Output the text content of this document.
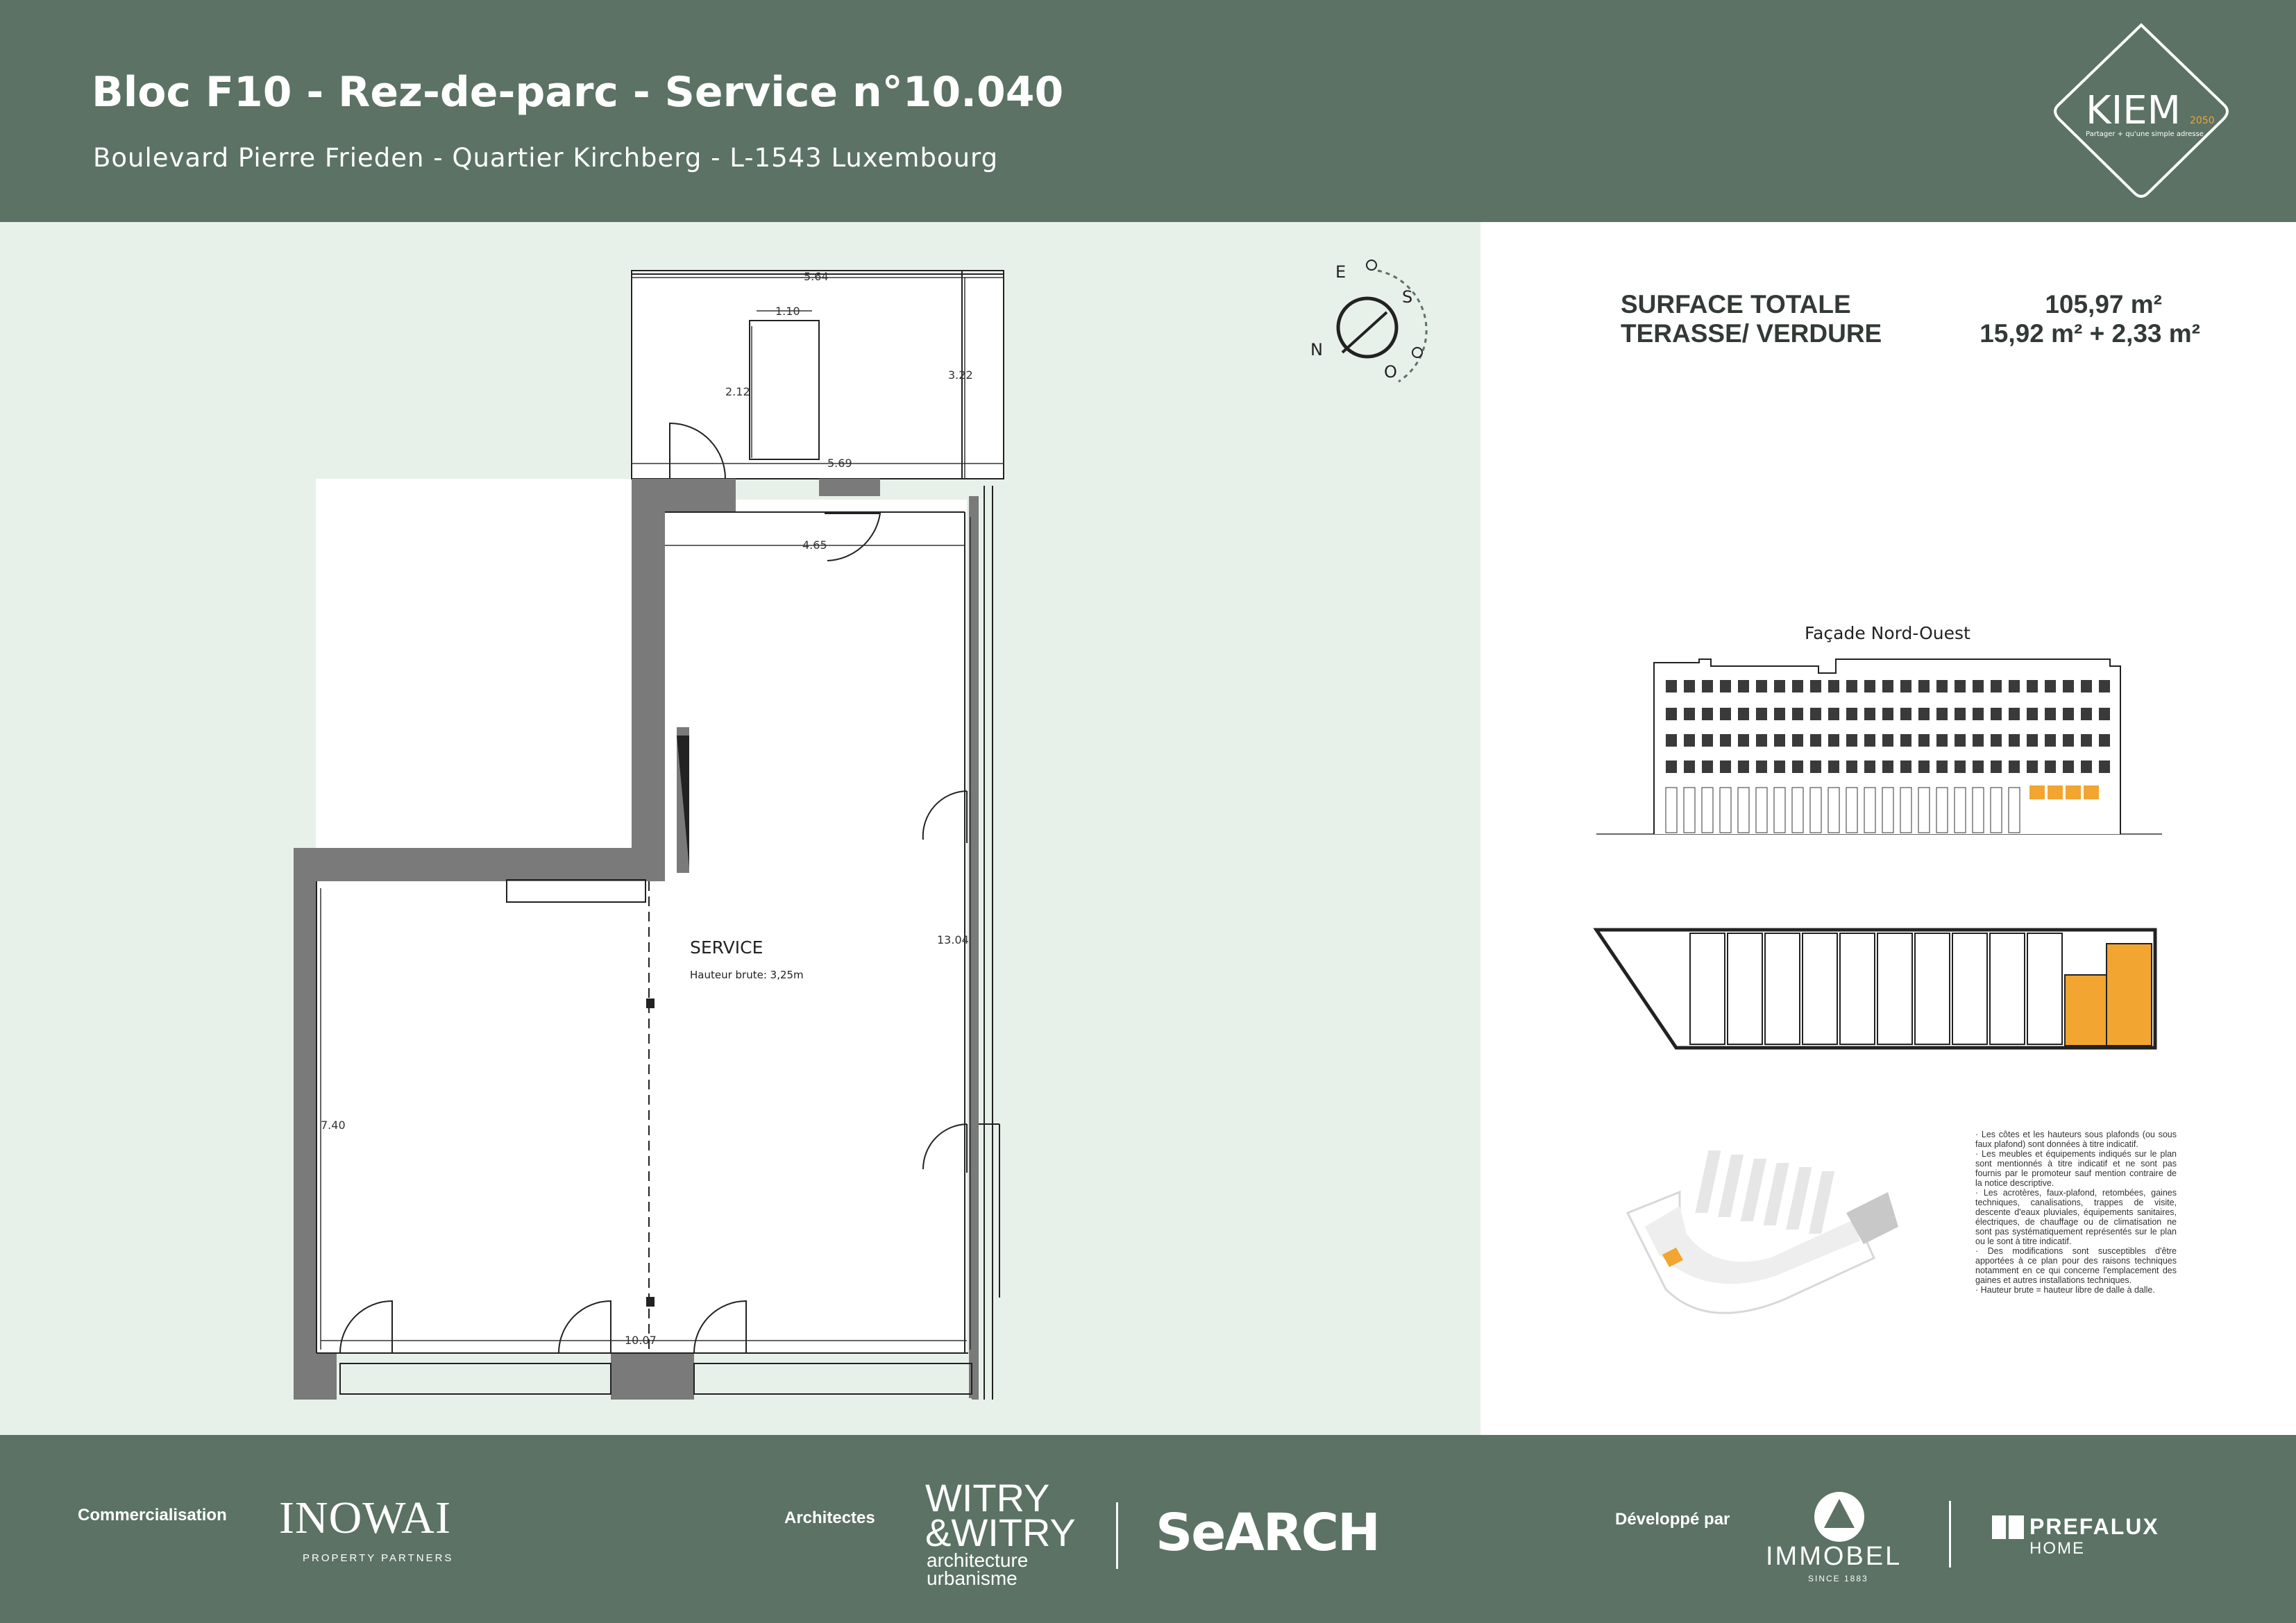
Bloc F10 - Rez-de-parc - Service n°10.040
Boulevard Pierre Frieden - Quartier Kirchberg - L-1543 Luxembourg
KIEM 2050
Partager + qu'une simple adresse
5.64
1.10
2.12
3.22
5.69
4.65
13.04
7.40
10.07
SERVICE
Hauteur brute: 3,25m
E
S
N
O
SURFACE TOTALE	105,97 m²
TERASSE/ VERDURE	15,92 m² + 2,33 m²
Façade Nord-Ouest
· Les côtes et les hauteurs sous plafonds (ou sous faux plafond) sont données à titre indicatif.
· Les meubles et équipements indiqués sur le plan sont mentionnés à titre indicatif et ne sont pas fournis par le promoteur sauf mention contraire de la notice descriptive.
· Les acrotères, faux-plafond, retombées, gaines techniques, canalisations, trappes de visite, descente d'eaux pluviales, équipements sanitaires, électriques, de chauffage ou de climatisation ne sont pas systématiquement représentés sur le plan ou le sont à titre indicatif.
· Des modifications sont susceptibles d'être apportées à ce plan pour des raisons techniques notamment en ce qui concerne l'emplacement des gaines et autres installations techniques.
· Hauteur brute = hauteur libre de dalle à dalle.
Commercialisation INOWAI
PROPERTY PARTNERS
Architectes WITRY
&WITRY
architecture
urbanisme
SeARCH	Développé par
IMMOBEL
SINCE 1883
PREFALUX
HOME
